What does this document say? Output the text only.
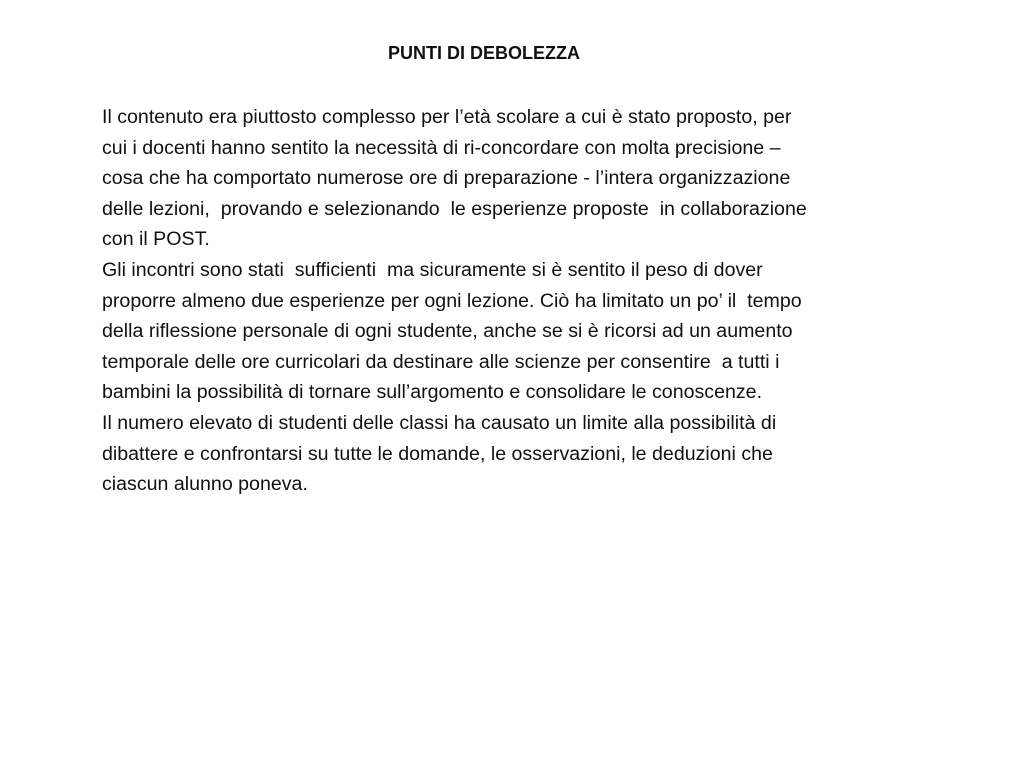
PUNTI DI DEBOLEZZA

Il contenuto era piuttosto complesso per l’età scolare a cui è stato proposto, per
cui i docenti hanno sentito la necessità di ri-concordare con molta precisione –
cosa che ha comportato numerose ore di preparazione - l’intera organizzazione
delle lezioni,  provando e selezionando  le esperienze proposte  in collaborazione
con il POST.

Gli incontri sono stati  sufficienti  ma sicuramente si è sentito il peso di dover
proporre almeno due esperienze per ogni lezione. Ciò ha limitato un po’ il  tempo
della riflessione personale di ogni studente, anche se si è ricorsi ad un aumento
temporale delle ore curricolari da destinare alle scienze per consentire  a tutti i
bambini la possibilità di tornare sull’argomento e consolidare le conoscenze.

Il numero elevato di studenti delle classi ha causato un limite alla possibilità di
dibattere e confrontarsi su tutte le domande, le osservazioni, le deduzioni che
ciascun alunno poneva.
